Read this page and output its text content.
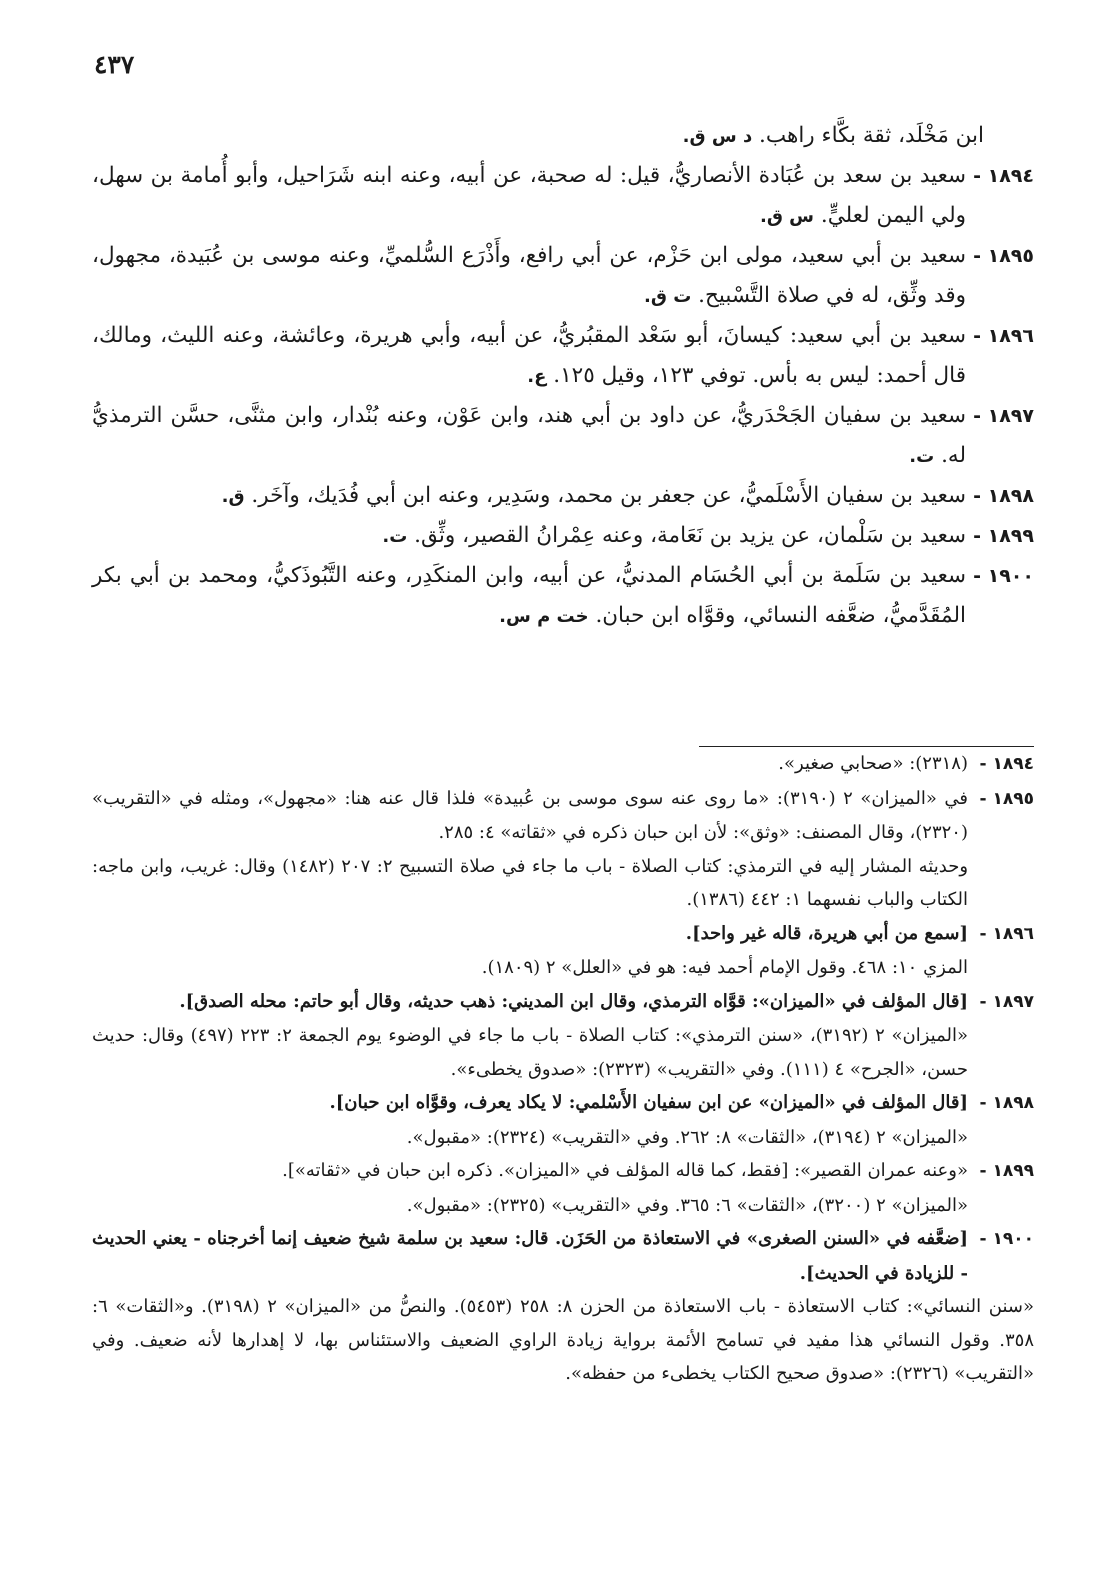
٤٣٧

ابن مَخْلَد، ثقة بكَّاء راهب. د س ق.

١٨٩٤ -سعيد بن سعد بن عُبَادة الأنصاريُّ، قيل: له صحبة، عن أبيه، وعنه ابنه شَرَاحيل، وأبو أُمامة بن سهل، ولي اليمن لعليٍّ. س ق.

١٨٩٥ -سعيد بن أبي سعيد، مولى ابن حَزْم، عن أبي رافع، وأَذْرَع السُّلميِّ، وعنه موسى بن عُبَيدة، مجهول، وقد وثِّق، له في صلاة التَّسْبيح. ت ق.

١٨٩٦ -سعيد بن أبي سعيد: كيسانَ، أبو سَعْد المقبُريُّ، عن أبيه، وأبي هريرة، وعائشة، وعنه الليث، ومالك، قال أحمد: ليس به بأس. توفي ١٢٣، وقيل ١٢٥. ع.

١٨٩٧ -سعيد بن سفيان الجَحْدَريُّ، عن داود بن أبي هند، وابن عَوْن، وعنه بُنْدار، وابن مثنَّى، حسَّن الترمذيُّ له. ت.

١٨٩٨ -سعيد بن سفيان الأَسْلَميُّ، عن جعفر بن محمد، وسَدِير، وعنه ابن أبي فُدَيك، وآخَر. ق.

١٨٩٩ -سعيد بن سَلْمان، عن يزيد بن نَعَامة، وعنه عِمْرانُ القصير، وثِّق. ت.

١٩٠٠ -سعيد بن سَلَمة بن أبي الحُسَام المدنيُّ، عن أبيه، وابن المنكَدِر، وعنه التَّبُوذَكيُّ، ومحمد بن أبي بكر المُقَدَّميُّ، ضعَّفه النسائي، وقوَّاه ابن حبان. خت م س.

١٨٩٤ -(٢٣١٨): «صحابي صغير».

١٨٩٥ -في «الميزان» ٢ (٣١٩٠): «ما روى عنه سوى موسى بن عُبيدة» فلذا قال عنه هنا: «مجهول»، ومثله في «التقريب» (٢٣٢٠)، وقال المصنف: «وثق»: لأن ابن حبان ذكره في «ثقاته» ٤: ٢٨٥.

وحديثه المشار إليه في الترمذي: كتاب الصلاة - باب ما جاء في صلاة التسبيح ٢: ٢٠٧ (١٤٨٢) وقال: غريب، وابن ماجه: الكتاب والباب نفسهما ١: ٤٤٢ (١٣٨٦).

١٨٩٦ -[سمع من أبي هريرة، قاله غير واحد].

المزي ١٠: ٤٦٨. وقول الإمام أحمد فيه: هو في «العلل» ٢ (١٨٠٩).

١٨٩٧ -[قال المؤلف في «الميزان»: قوَّاه الترمذي، وقال ابن المديني: ذهب حديثه، وقال أبو حاتم: محله الصدق].

«الميزان» ٢ (٣١٩٢)، «سنن الترمذي»: كتاب الصلاة - باب ما جاء في الوضوء يوم الجمعة ٢: ٢٢٣ (٤٩٧) وقال: حديث حسن، «الجرح» ٤ (١١١). وفي «التقريب» (٢٣٢٣): «صدوق يخطىء».

١٨٩٨ -[قال المؤلف في «الميزان» عن ابن سفيان الأَسْلمي: لا يكاد يعرف، وقوَّاه ابن حبان].

«الميزان» ٢ (٣١٩٤)، «الثقات» ٨: ٢٦٢. وفي «التقريب» (٢٣٢٤): «مقبول».

١٨٩٩ -«وعنه عمران القصير»: [فقط، كما قاله المؤلف في «الميزان». ذكره ابن حبان في «ثقاته»].

«الميزان» ٢ (٣٢٠٠)، «الثقات» ٦: ٣٦٥. وفي «التقريب» (٢٣٢٥): «مقبول».

١٩٠٠ -[ضعَّفه في «السنن الصغرى» في الاستعاذة من الحَزَن. قال: سعيد بن سلمة شيخ ضعيف إنما أخرجناه - يعني الحديث - للزيادة في الحديث].

«سنن النسائي»: كتاب الاستعاذة - باب الاستعاذة من الحزن ٨: ٢٥٨ (٥٤٥٣). والنصُّ من «الميزان» ٢ (٣١٩٨). و«الثقات» ٦: ٣٥٨. وقول النسائي هذا مفيد في تسامح الأئمة برواية زيادة الراوي الضعيف والاستئناس بها، لا إهدارها لأنه ضعيف. وفي «التقريب» (٢٣٢٦): «صدوق صحيح الكتاب يخطىء من حفظه».
